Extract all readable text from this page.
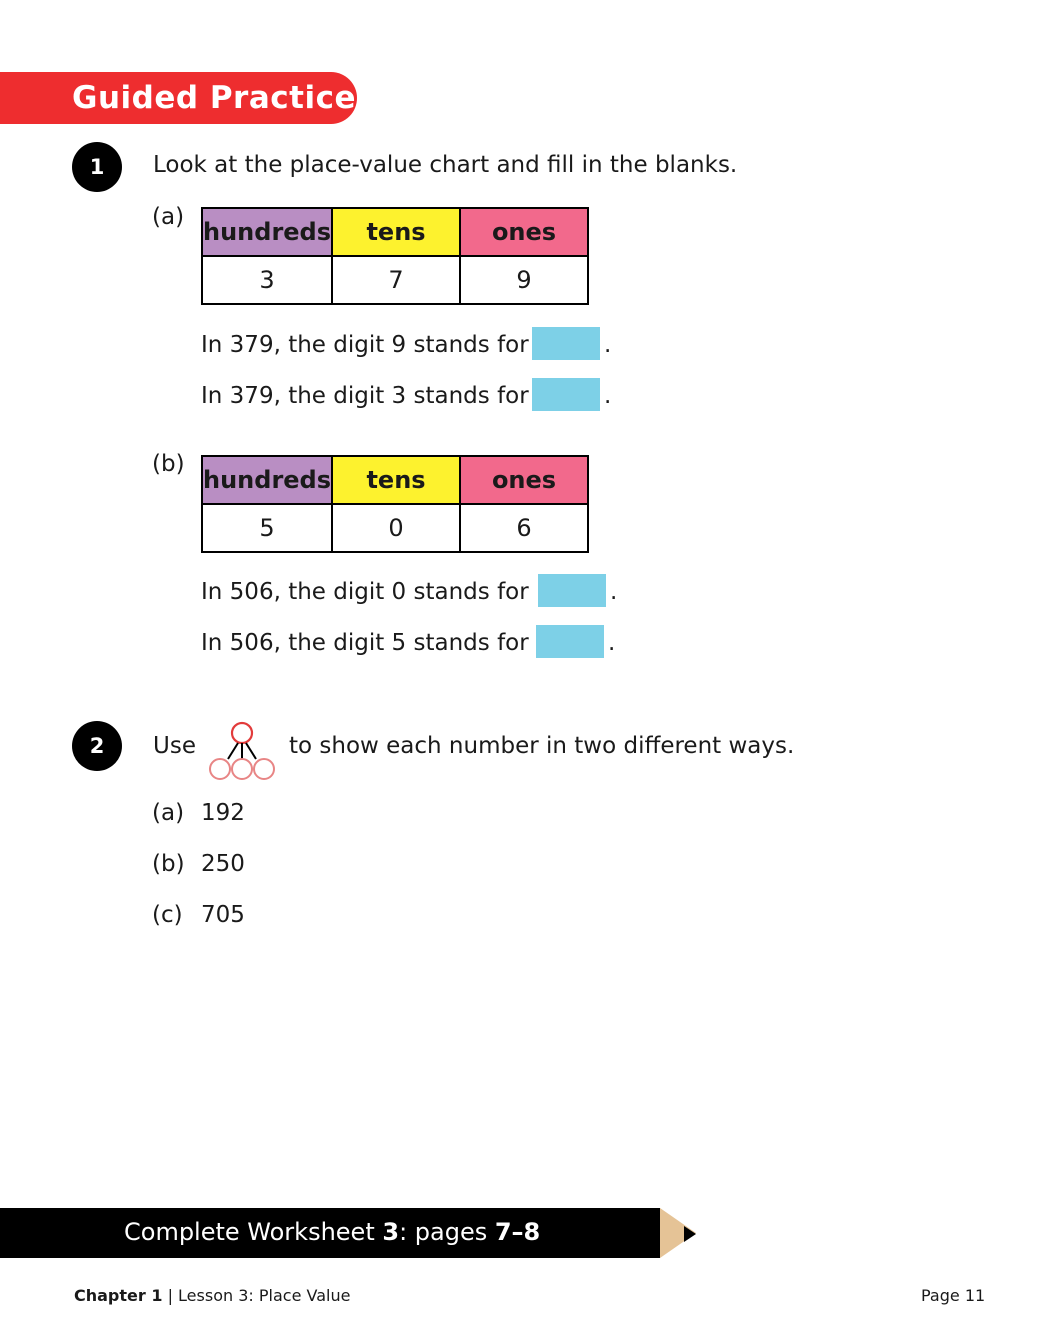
Guided Practice
1 Look at the place-value chart and fill in the blanks.
(a)
hundreds	tens	ones
3	7	9
In 379, the digit 9 stands for	.
In 379, the digit 3 stands for	.
(b)
hundreds	tens	ones
5	0	6
In 506, the digit 0 stands for	.
In 506, the digit 5 stands for	.
2 Use	to show each number in two different ways.
(a) 192
(b) 250
(c) 705
Complete Worksheet 3: pages 7–8
Chapter 1 | Lesson 3: Place Value	Page 11
